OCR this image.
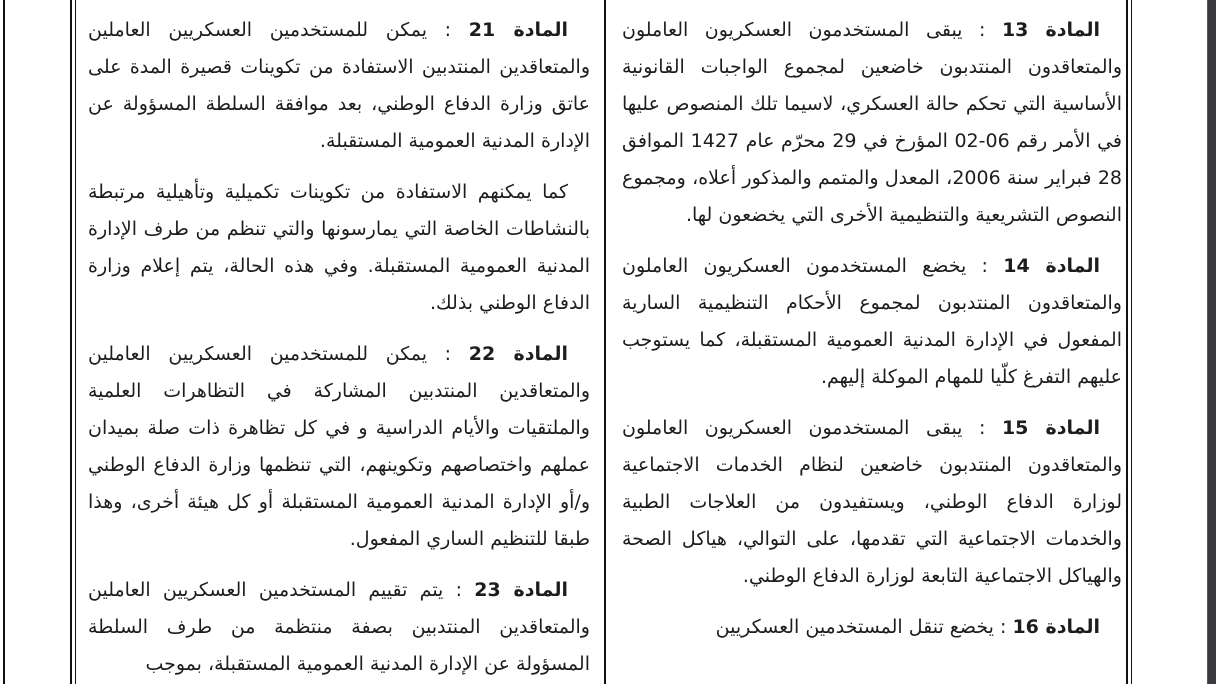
المادة 21 : يمكن للمستخدمين العسكريين العاملين والمتعاقدين المنتدبين الاستفادة من تكوينات قصيرة المدة على عاتق وزارة الدفاع الوطني، بعد موافقة السلطة المسؤولة عن الإدارة المدنية العمومية المستقبلة.

كما يمكنهم الاستفادة من تكوينات تكميلية وتأهيلية مرتبطة بالنشاطات الخاصة التي يمارسونها والتي تنظم من طرف الإدارة المدنية العمومية المستقبلة. وفي هذه الحالة، يتم إعلام وزارة الدفاع الوطني بذلك.

المادة 22 : يمكن للمستخدمين العسكريين العاملين والمتعاقدين المنتدبين المشاركة في التظاهرات العلمية والملتقيات والأيام الدراسية و في كل تظاهرة ذات صلة بميدان عملهم واختصاصهم وتكوينهم، التي تنظمها وزارة الدفاع الوطني و/أو الإدارة المدنية العمومية المستقبلة أو كل هيئة أخرى، وهذا طبقا للتنظيم الساري المفعول.

المادة 23 : يتم تقييم المستخدمين العسكريين العاملين والمتعاقدين المنتدبين بصفة منتظمة من طرف السلطة المسؤولة عن الإدارة المدنية العمومية المستقبلة، بموجب

المادة 13 : يبقى المستخدمون العسكريون العاملون والمتعاقدون المنتدبون خاضعين لمجموع الواجبات القانونية الأساسية التي تحكم حالة العسكري، لاسيما تلك المنصوص عليها في الأمر رقم 06-02 المؤرخ في 29 محرّم عام 1427 الموافق 28 فبراير سنة 2006، المعدل والمتمم والمذكور أعلاه، ومجموع النصوص التشريعية والتنظيمية الأخرى التي يخضعون لها.

المادة 14 : يخضع المستخدمون العسكريون العاملون والمتعاقدون المنتدبون لمجموع الأحكام التنظيمية السارية المفعول في الإدارة المدنية العمومية المستقبلة، كما يستوجب عليهم التفرغ كلّيا للمهام الموكلة إليهم.

المادة 15 : يبقى المستخدمون العسكريون العاملون والمتعاقدون المنتدبون خاضعين لنظام الخدمات الاجتماعية لوزارة الدفاع الوطني، ويستفيدون من العلاجات الطبية والخدمات الاجتماعية التي تقدمها، على التوالي، هياكل الصحة والهياكل الاجتماعية التابعة لوزارة الدفاع الوطني.

المادة 16 : يخضع تنقل المستخدمين العسكريين
